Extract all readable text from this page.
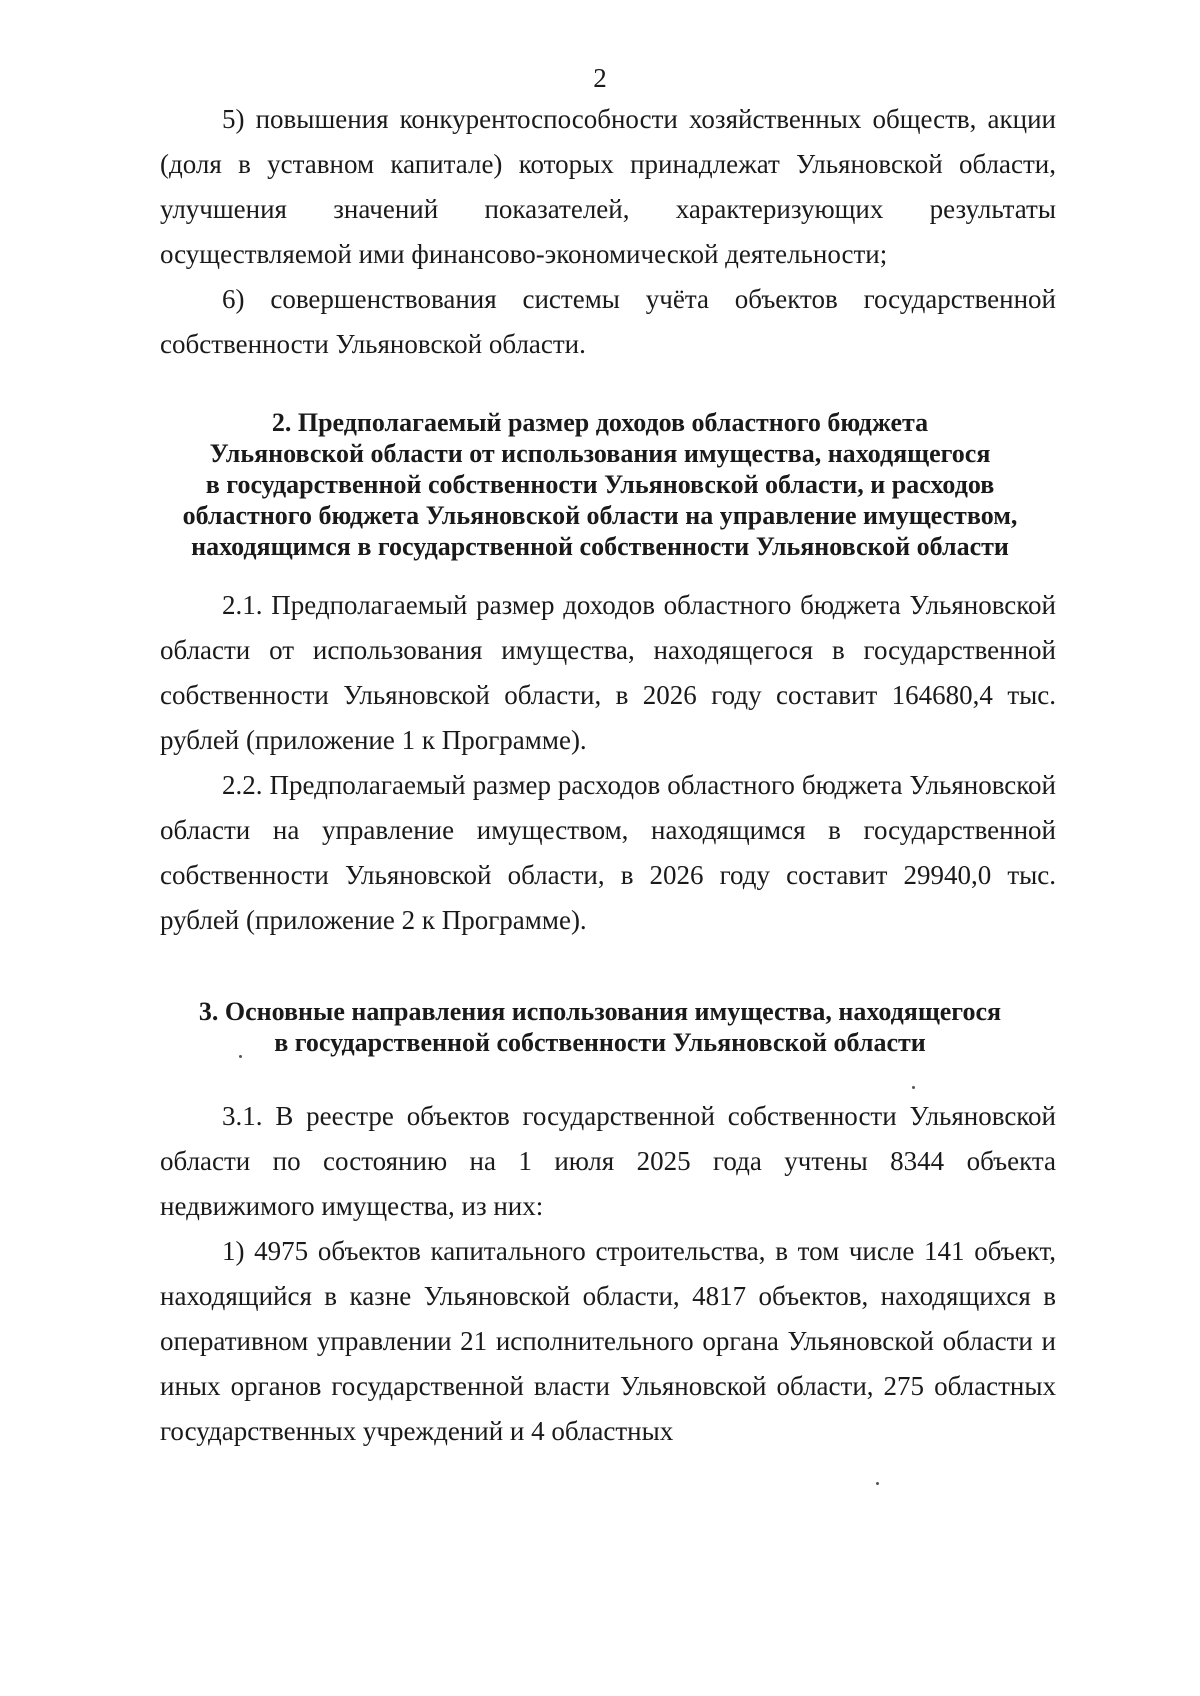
2

5) повышения конкурентоспособности хозяйственных обществ, акции (доля в уставном капитале) которых принадлежат Ульяновской области, улучшения значений показателей, характеризующих результаты осуществляемой ими финансово-экономической деятельности;

6) совершенствования системы учёта объектов государственной собственности Ульяновской области.

2. Предполагаемый размер доходов областного бюджета
Ульяновской области от использования имущества, находящегося
в государственной собственности Ульяновской области, и расходов
областного бюджета Ульяновской области на управление имуществом,
находящимся в государственной собственности Ульяновской области

2.1. Предполагаемый размер доходов областного бюджета Ульяновской области от использования имущества, находящегося в государственной собственности Ульяновской области, в 2026 году составит 164680,4 тыс. рублей (приложение 1 к Программе).

2.2. Предполагаемый размер расходов областного бюджета Ульяновской области на управление имуществом, находящимся в государственной собственности Ульяновской области, в 2026 году составит 29940,0 тыс. рублей (приложение 2 к Программе).

3. Основные направления использования имущества, находящегося
в государственной собственности Ульяновской области

3.1. В реестре объектов государственной собственности Ульяновской области по состоянию на 1 июля 2025 года учтены 8344 объекта недвижимого имущества, из них:

1) 4975 объектов капитального строительства, в том числе 141 объект, находящийся в казне Ульяновской области, 4817 объектов, находящихся в оперативном управлении 21 исполнительного органа Ульяновской области и иных органов государственной власти Ульяновской области, 275 областных государственных учреждений и 4 областных
